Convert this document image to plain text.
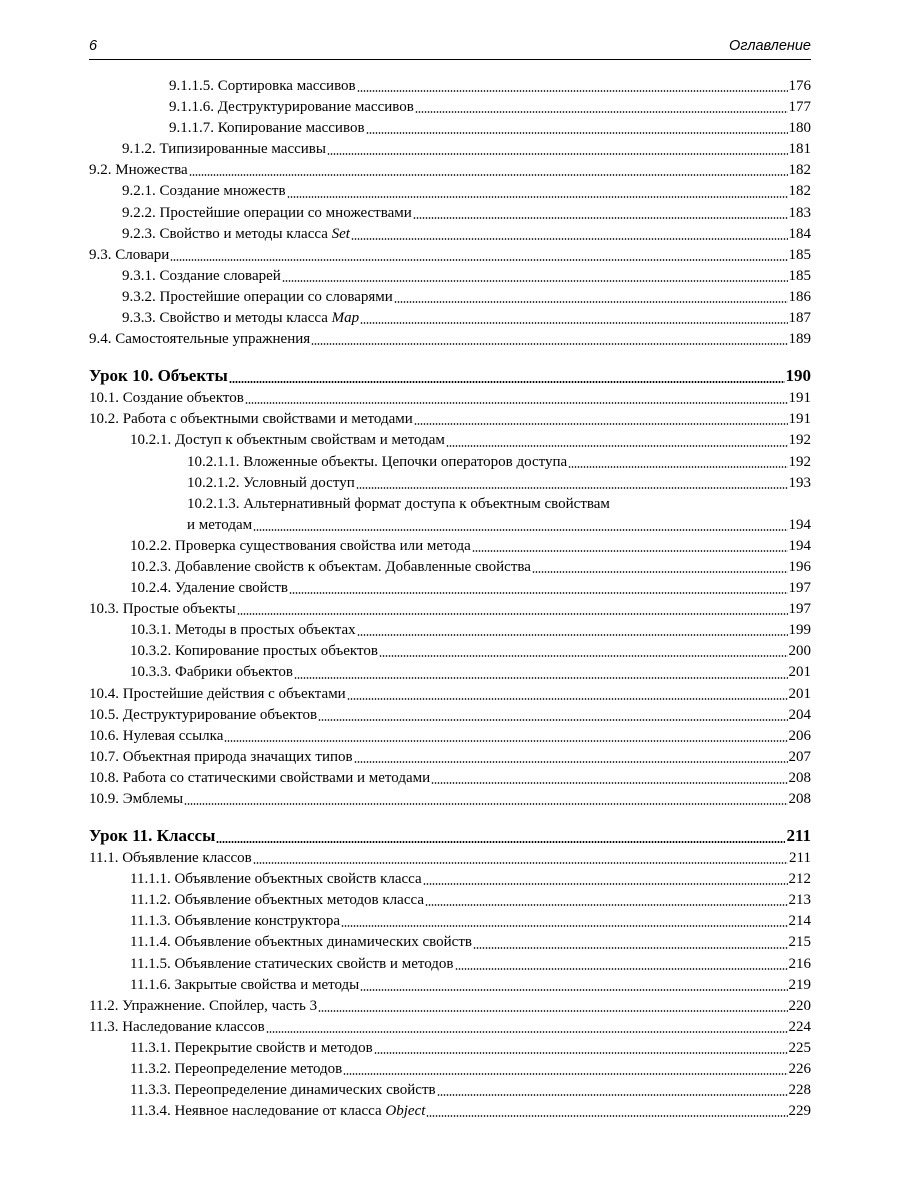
6	Оглавление
9.1.1.5. Сортировка массивов	176
9.1.1.6. Деструктурирование массивов	177
9.1.1.7. Копирование массивов	180
9.1.2. Типизированные массивы	181
9.2. Множества	182
9.2.1. Создание множеств	182
9.2.2. Простейшие операции со множествами	183
9.2.3. Свойство и методы класса Set	184
9.3. Словари	185
9.3.1. Создание словарей	185
9.3.2. Простейшие операции со словарями	186
9.3.3. Свойство и методы класса Map	187
9.4. Самостоятельные упражнения	189
Урок 10. Объекты	190
10.1. Создание объектов	191
10.2. Работа с объектными свойствами и методами	191
10.2.1. Доступ к объектным свойствам и методам	192
10.2.1.1. Вложенные объекты. Цепочки операторов доступа	192
10.2.1.2. Условный доступ	193
10.2.1.3. Альтернативный формат доступа к объектным свойствам
и методам	194
10.2.2. Проверка существования свойства или метода	194
10.2.3. Добавление свойств к объектам. Добавленные свойства	196
10.2.4. Удаление свойств	197
10.3. Простые объекты	197
10.3.1. Методы в простых объектах	199
10.3.2. Копирование простых объектов	200
10.3.3. Фабрики объектов	201
10.4. Простейшие действия с объектами	201
10.5. Деструктурирование объектов	204
10.6. Нулевая ссылка	206
10.7. Объектная природа значащих типов	207
10.8. Работа со статическими свойствами и методами	208
10.9. Эмблемы	208
Урок 11. Классы	211
11.1. Объявление классов	211
11.1.1. Объявление объектных свойств класса	212
11.1.2. Объявление объектных методов класса	213
11.1.3. Объявление конструктора	214
11.1.4. Объявление объектных динамических свойств	215
11.1.5. Объявление статических свойств и методов	216
11.1.6. Закрытые свойства и методы	219
11.2. Упражнение. Спойлер, часть 3	220
11.3. Наследование классов	224
11.3.1. Перекрытие свойств и методов	225
11.3.2. Переопределение методов	226
11.3.3. Переопределение динамических свойств	228
11.3.4. Неявное наследование от класса Object	229
